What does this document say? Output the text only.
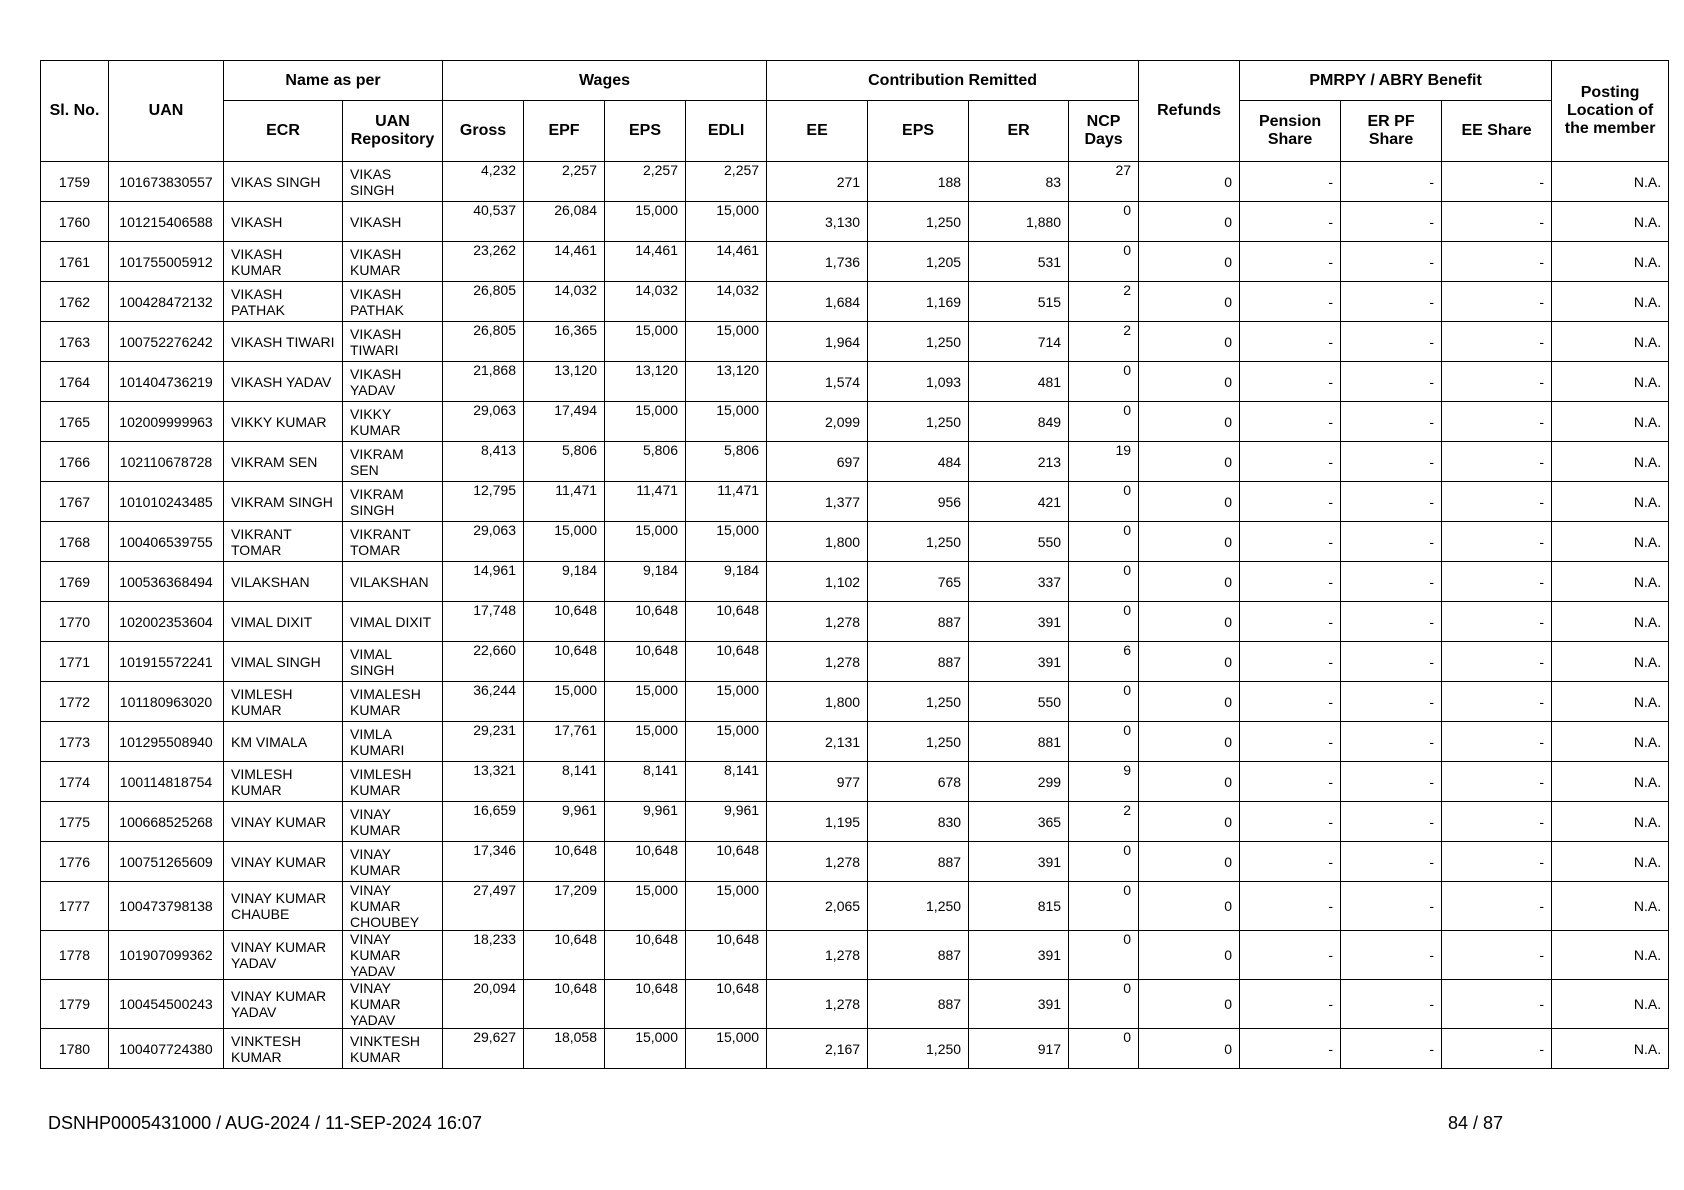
Sl. No.	UAN	Name as per		Wages				Contribution Remitted				Refunds	PMRPY / ABRY Benefit			Posting Location of the member
		ECR	UAN Repository	Gross	EPF	EPS	EDLI	EE	EPS	ER	NCP Days		Pension Share	ER PF Share	EE Share	
1759	101673830557	VIKAS SINGH	VIKAS SINGH	4,232	2,257	2,257	2,257	271	188	83	27	0	-	-	-	N.A.
1760	101215406588	VIKASH	VIKASH	40,537	26,084	15,000	15,000	3,130	1,250	1,880	0	0	-	-	-	N.A.
1761	101755005912	VIKASH KUMAR	VIKASH KUMAR	23,262	14,461	14,461	14,461	1,736	1,205	531	0	0	-	-	-	N.A.
1762	100428472132	VIKASH PATHAK	VIKASH PATHAK	26,805	14,032	14,032	14,032	1,684	1,169	515	2	0	-	-	-	N.A.
1763	100752276242	VIKASH TIWARI	VIKASH TIWARI	26,805	16,365	15,000	15,000	1,964	1,250	714	2	0	-	-	-	N.A.
1764	101404736219	VIKASH YADAV	VIKASH YADAV	21,868	13,120	13,120	13,120	1,574	1,093	481	0	0	-	-	-	N.A.
1765	102009999963	VIKKY KUMAR	VIKKY KUMAR	29,063	17,494	15,000	15,000	2,099	1,250	849	0	0	-	-	-	N.A.
1766	102110678728	VIKRAM SEN	VIKRAM SEN	8,413	5,806	5,806	5,806	697	484	213	19	0	-	-	-	N.A.
1767	101010243485	VIKRAM SINGH	VIKRAM SINGH	12,795	11,471	11,471	11,471	1,377	956	421	0	0	-	-	-	N.A.
1768	100406539755	VIKRANT TOMAR	VIKRANT TOMAR	29,063	15,000	15,000	15,000	1,800	1,250	550	0	0	-	-	-	N.A.
1769	100536368494	VILAKSHAN	VILAKSHAN	14,961	9,184	9,184	9,184	1,102	765	337	0	0	-	-	-	N.A.
1770	102002353604	VIMAL DIXIT	VIMAL DIXIT	17,748	10,648	10,648	10,648	1,278	887	391	0	0	-	-	-	N.A.
1771	101915572241	VIMAL SINGH	VIMAL SINGH	22,660	10,648	10,648	10,648	1,278	887	391	6	0	-	-	-	N.A.
1772	101180963020	VIMLESH KUMAR	VIMALESH KUMAR	36,244	15,000	15,000	15,000	1,800	1,250	550	0	0	-	-	-	N.A.
1773	101295508940	KM VIMALA	VIMLA KUMARI	29,231	17,761	15,000	15,000	2,131	1,250	881	0	0	-	-	-	N.A.
1774	100114818754	VIMLESH KUMAR	VIMLESH KUMAR	13,321	8,141	8,141	8,141	977	678	299	9	0	-	-	-	N.A.
1775	100668525268	VINAY KUMAR	VINAY KUMAR	16,659	9,961	9,961	9,961	1,195	830	365	2	0	-	-	-	N.A.
1776	100751265609	VINAY KUMAR	VINAY KUMAR	17,346	10,648	10,648	10,648	1,278	887	391	0	0	-	-	-	N.A.
1777	100473798138	VINAY KUMAR CHAUBE	VINAY KUMAR CHOUBEY	27,497	17,209	15,000	15,000	2,065	1,250	815	0	0	-	-	-	N.A.
1778	101907099362	VINAY KUMAR YADAV	VINAY KUMAR YADAV	18,233	10,648	10,648	10,648	1,278	887	391	0	0	-	-	-	N.A.
1779	100454500243	VINAY KUMAR YADAV	VINAY KUMAR YADAV	20,094	10,648	10,648	10,648	1,278	887	391	0	0	-	-	-	N.A.
1780	100407724380	VINKTESH KUMAR	VINKTESH KUMAR	29,627	18,058	15,000	15,000	2,167	1,250	917	0	0	-	-	-	N.A.
DSNHP0005431000 / AUG-2024 / 11-SEP-2024 16:07	84 / 87
